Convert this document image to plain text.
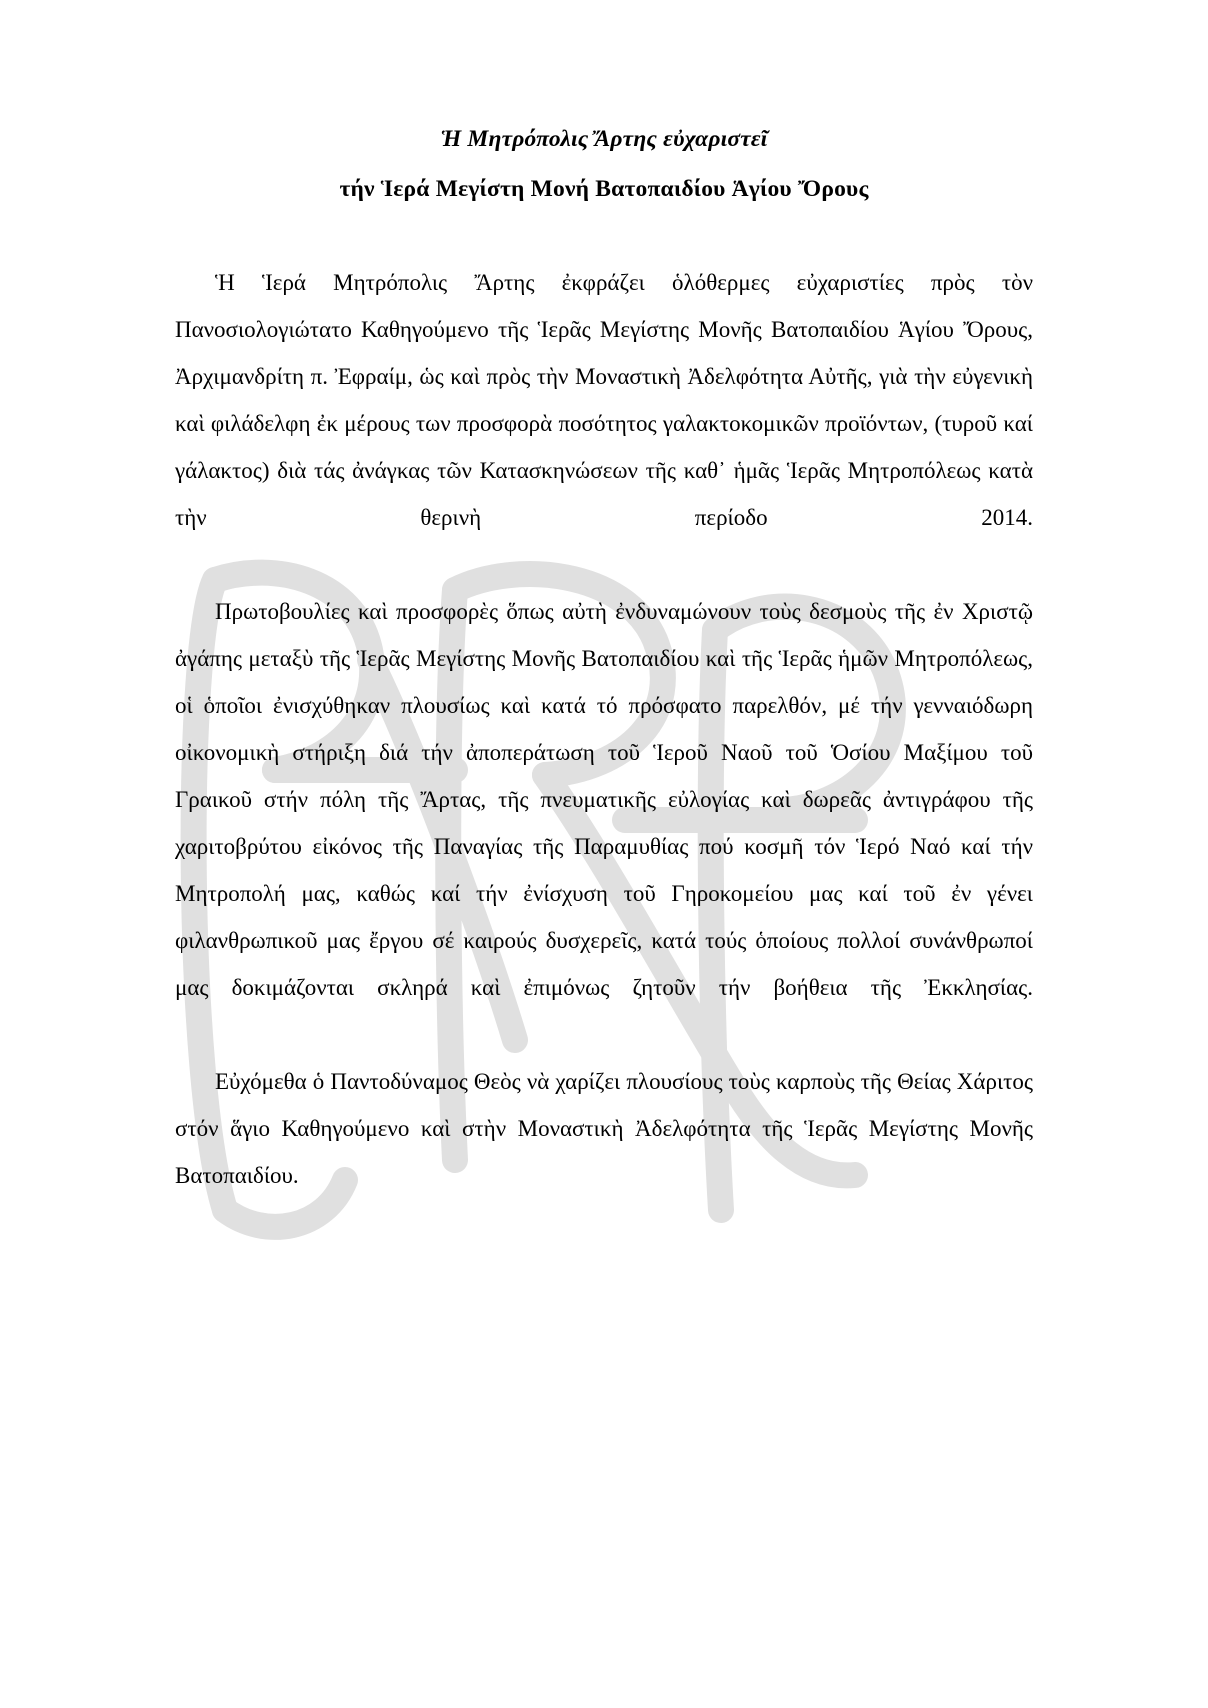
Ἡ Μητρόπολις Ἄρτης εὐχαριστεῖ
τήν Ἱερά Μεγίστη Μονή Βατοπαιδίου Ἁγίου Ὄρους

Ἡ Ἱερά Μητρόπολις Ἄρτης ἐκφράζει ὁλόθερμες εὐχαριστίες πρὸς τὸν Πανοσιολογιώτατο Καθηγούμενο τῆς Ἱερᾶς Μεγίστης Μονῆς Βατοπαιδίου Ἁγίου Ὄρους, Ἀρχιμανδρίτη π. Ἐφραίμ, ὡς καὶ πρὸς τὴν Μοναστικὴ Ἀδελφότητα Αὐτῆς, γιὰ τὴν εὐγενικὴ καὶ φιλάδελφη ἐκ μέρους των προσφορὰ ποσότητος γαλακτοκομικῶν προϊόντων, (τυροῦ καί γάλακτος) διὰ τάς ἀνάγκας τῶν Κατασκηνώσεων τῆς καθ᾽ ἡμᾶς Ἱερᾶς Μητροπόλεως κατὰ τὴν θερινὴ περίοδο 2014.

Πρωτοβουλίες καὶ προσφορὲς ὅπως αὐτὴ ἐνδυναμώνουν τοὺς δεσμοὺς τῆς ἐν Χριστῷ ἀγάπης μεταξὺ τῆς Ἱερᾶς Μεγίστης Μονῆς Βατοπαιδίου καὶ τῆς Ἱερᾶς ἡμῶν Μητροπόλεως, οἱ ὁποῖοι ἐνισχύθηκαν πλουσίως καὶ κατά τό πρόσφατο παρελθόν, μέ τήν γενναιόδωρη οἰκονομικὴ στήριξη διά τήν ἀποπεράτωση τοῦ Ἱεροῦ Ναοῦ τοῦ Ὁσίου Μαξίμου τοῦ Γραικοῦ στήν πόλη τῆς Ἄρτας, τῆς πνευματικῆς εὐλογίας καὶ δωρεᾶς ἀντιγράφου τῆς χαριτοβρύτου εἰκόνος τῆς Παναγίας τῆς Παραμυθίας πού κοσμῆ τόν Ἱερό Ναό καί τήν Μητροπολή μας, καθώς καί τήν ἐνίσχυση τοῦ Γηροκομείου μας καί τοῦ ἐν γένει φιλανθρωπικοῦ μας ἔργου σέ καιρούς δυσχερεῖς, κατά τούς ὁποίους πολλοί συνάνθρωποί μας δοκιμάζονται σκληρά καὶ ἐπιμόνως ζητοῦν τήν βοήθεια τῆς Ἐκκλησίας.

Εὐχόμεθα ὁ Παντοδύναμος Θεὸς νὰ χαρίζει πλουσίους τοὺς καρποὺς τῆς Θείας Χάριτος στόν ἅγιο Καθηγούμενο καὶ στὴν Μοναστικὴ Ἀδελφότητα τῆς Ἱερᾶς Μεγίστης Μονῆς Βατοπαιδίου.
